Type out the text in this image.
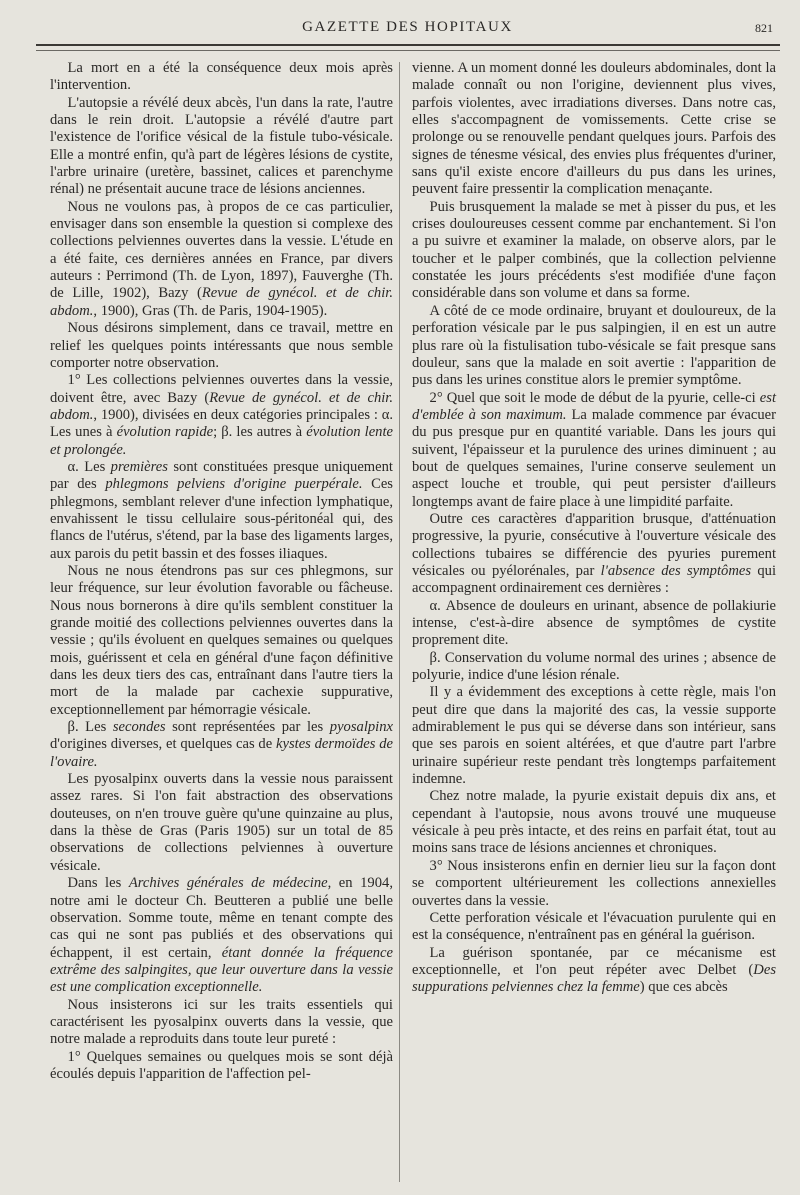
GAZETTE DES HOPITAUX	821

La mort en a été la conséquence deux mois après l'intervention.

L'autopsie a révélé deux abcès, l'un dans la rate, l'autre dans le rein droit. L'autopsie a révélé d'autre part l'existence de l'orifice vésical de la fistule tubo-vésicale. Elle a montré enfin, qu'à part de légères lésions de cystite, l'arbre urinaire (uretère, bassinet, calices et parenchyme rénal) ne présentait aucune trace de lésions anciennes.

Nous ne voulons pas, à propos de ce cas particulier, envisager dans son ensemble la question si complexe des collections pelviennes ouvertes dans la vessie. L'étude en a été faite, ces dernières années en France, par divers auteurs : Perrimond (Th. de Lyon, 1897), Fauverghe (Th. de Lille, 1902), Bazy (Revue de gynécol. et de chir. abdom., 1900), Gras (Th. de Paris, 1904-1905).

Nous désirons simplement, dans ce travail, mettre en relief les quelques points intéressants que nous semble comporter notre observation.

1° Les collections pelviennes ouvertes dans la vessie, doivent être, avec Bazy (Revue de gynécol. et de chir. abdom., 1900), divisées en deux catégories principales : α. Les unes à évolution rapide; β. les autres à évolution lente et prolongée.

α. Les premières sont constituées presque uniquement par des phlegmons pelviens d'origine puerpérale. Ces phlegmons, semblant relever d'une infection lymphatique, envahissent le tissu cellulaire sous-péritonéal qui, des flancs de l'utérus, s'étend, par la base des ligaments larges, aux parois du petit bassin et des fosses iliaques.

Nous ne nous étendrons pas sur ces phlegmons, sur leur fréquence, sur leur évolution favorable ou fâcheuse. Nous nous bornerons à dire qu'ils semblent constituer la grande moitié des collections pelviennes ouvertes dans la vessie ; qu'ils évoluent en quelques semaines ou quelques mois, guérissent et cela en général d'une façon définitive dans les deux tiers des cas, entraînant dans l'autre tiers la mort de la malade par cachexie suppurative, exceptionnellement par hémorragie vésicale.

β. Les secondes sont représentées par les pyosalpinx d'origines diverses, et quelques cas de kystes dermoïdes de l'ovaire.

Les pyosalpinx ouverts dans la vessie nous paraissent assez rares. Si l'on fait abstraction des observations douteuses, on n'en trouve guère qu'une quinzaine au plus, dans la thèse de Gras (Paris 1905) sur un total de 85 observations de collections pelviennes à ouverture vésicale.

Dans les Archives générales de médecine, en 1904, notre ami le docteur Ch. Beutteren a publié une belle observation. Somme toute, même en tenant compte des cas qui ne sont pas publiés et des observations qui échappent, il est certain, étant donnée la fréquence extrême des salpingites, que leur ouverture dans la vessie est une complication exceptionnelle.

Nous insisterons ici sur les traits essentiels qui caractérisent les pyosalpinx ouverts dans la vessie, que notre malade a reproduits dans toute leur pureté :

1° Quelques semaines ou quelques mois se sont déjà écoulés depuis l'apparition de l'affection pel-

vienne. A un moment donné les douleurs abdominales, dont la malade connaît ou non l'origine, deviennent plus vives, parfois violentes, avec irradiations diverses. Dans notre cas, elles s'accompagnent de vomissements. Cette crise se prolonge ou se renouvelle pendant quelques jours. Parfois des signes de ténesme vésical, des envies plus fréquentes d'uriner, sans qu'il existe encore d'ailleurs du pus dans les urines, peuvent faire pressentir la complication menaçante.

Puis brusquement la malade se met à pisser du pus, et les crises douloureuses cessent comme par enchantement. Si l'on a pu suivre et examiner la malade, on observe alors, par le toucher et le palper combinés, que la collection pelvienne constatée les jours précédents s'est modifiée d'une façon considérable dans son volume et dans sa forme.

A côté de ce mode ordinaire, bruyant et douloureux, de la perforation vésicale par le pus salpingien, il en est un autre plus rare où la fistulisation tubo-vésicale se fait presque sans douleur, sans que la malade en soit avertie : l'apparition de pus dans les urines constitue alors le premier symptôme.

2° Quel que soit le mode de début de la pyurie, celle-ci est d'emblée à son maximum. La malade commence par évacuer du pus presque pur en quantité variable. Dans les jours qui suivent, l'épaisseur et la purulence des urines diminuent ; au bout de quelques semaines, l'urine conserve seulement un aspect louche et trouble, qui peut persister d'ailleurs longtemps avant de faire place à une limpidité parfaite.

Outre ces caractères d'apparition brusque, d'atténuation progressive, la pyurie, consécutive à l'ouverture vésicale des collections tubaires se différencie des pyuries purement vésicales ou pyélorénales, par l'absence des symptômes qui accompagnent ordinairement ces dernières :

α. Absence de douleurs en urinant, absence de pollakiurie intense, c'est-à-dire absence de symptômes de cystite proprement dite.

β. Conservation du volume normal des urines ; absence de polyurie, indice d'une lésion rénale.

Il y a évidemment des exceptions à cette règle, mais l'on peut dire que dans la majorité des cas, la vessie supporte admirablement le pus qui se déverse dans son intérieur, sans que ses parois en soient altérées, et que d'autre part l'arbre urinaire supérieur reste pendant très longtemps parfaitement indemne.

Chez notre malade, la pyurie existait depuis dix ans, et cependant à l'autopsie, nous avons trouvé une muqueuse vésicale à peu près intacte, et des reins en parfait état, tout au moins sans trace de lésions anciennes et chroniques.

3° Nous insisterons enfin en dernier lieu sur la façon dont se comportent ultérieurement les collections annexielles ouvertes dans la vessie.

Cette perforation vésicale et l'évacuation purulente qui en est la conséquence, n'entraînent pas en général la guérison.

La guérison spontanée, par ce mécanisme est exceptionnelle, et l'on peut répéter avec Delbet (Des suppurations pelviennes chez la femme) que ces abcès
